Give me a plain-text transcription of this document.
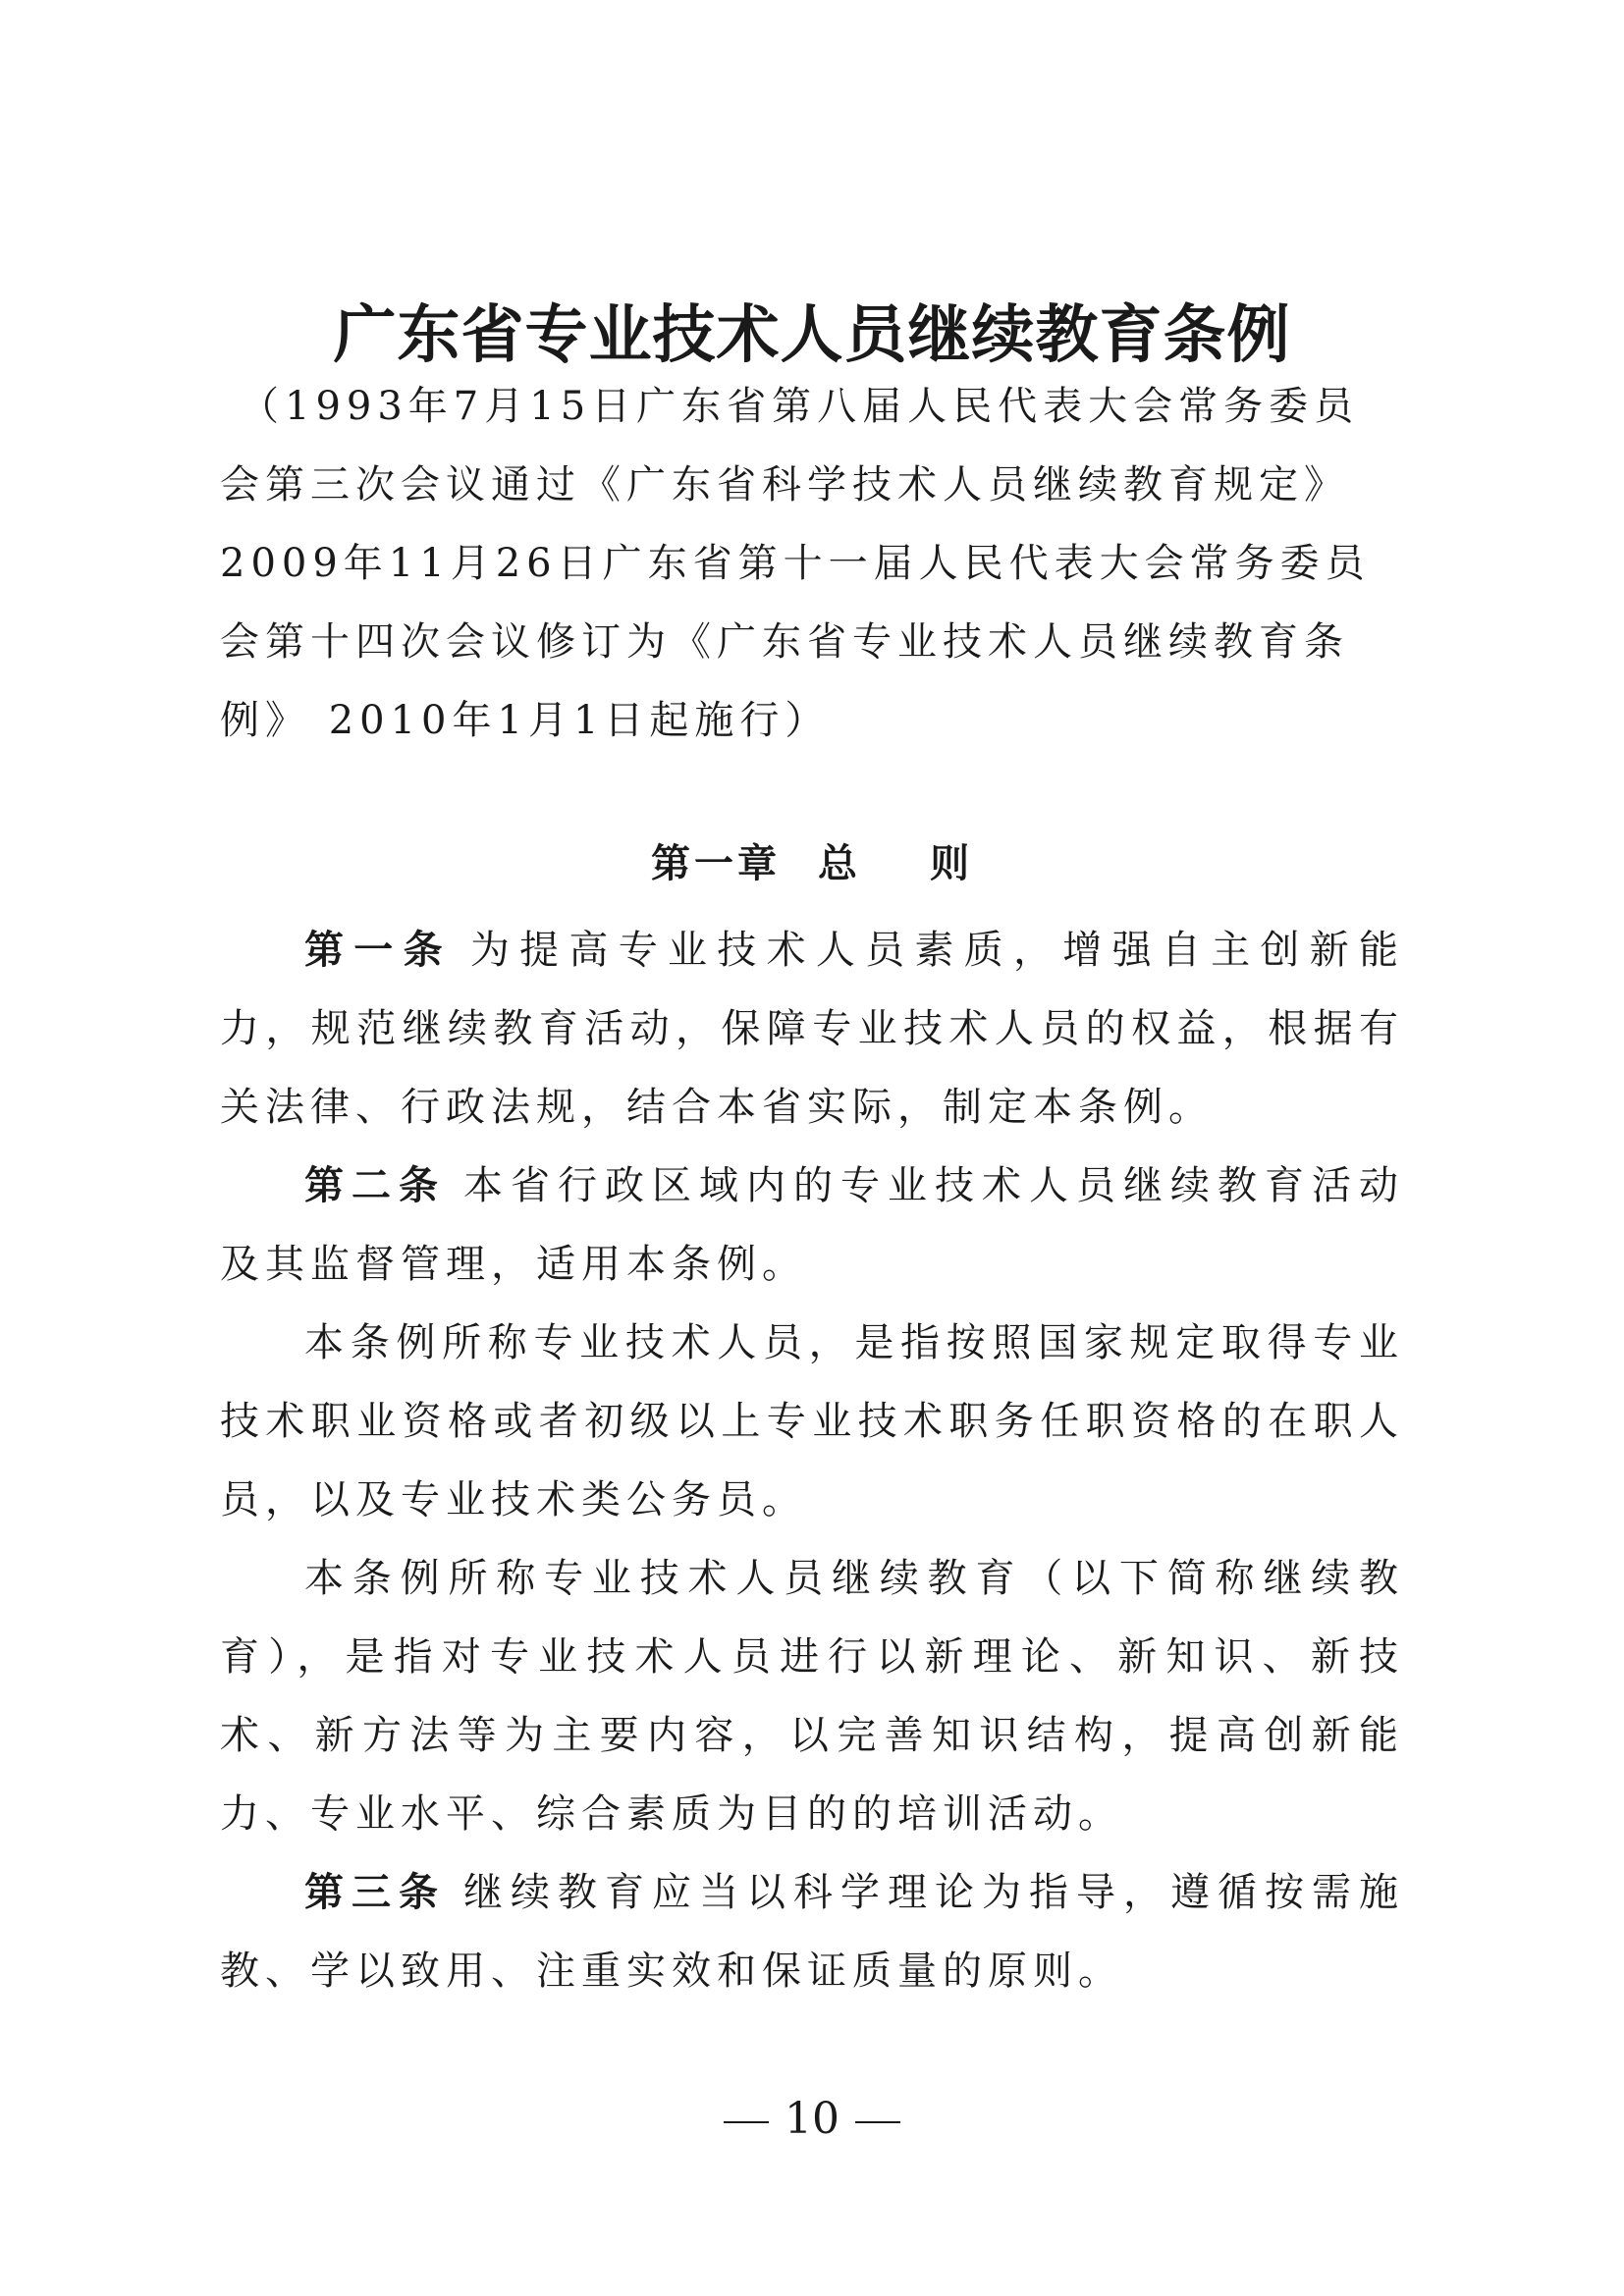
广东省专业技术人员继续教育条例
（1993年7月15日广东省第八届人民代表大会常务委员会第三次会议通过《广东省科学技术人员继续教育规定》2009年11月26日广东省第十一届人民代表大会常务委员会第十四次会议修订为《广东省专业技术人员继续教育条例》 2010年1月1日起施行）
第一章 总 则

第一条 为提高专业技术人员素质，增强自主创新能力，规范继续教育活动，保障专业技术人员的权益，根据有关法律、行政法规，结合本省实际，制定本条例。

第二条 本省行政区域内的专业技术人员继续教育活动及其监督管理，适用本条例。

本条例所称专业技术人员，是指按照国家规定取得专业技术职业资格或者初级以上专业技术职务任职资格的在职人员，以及专业技术类公务员。

本条例所称专业技术人员继续教育（以下简称继续教育），是指对专业技术人员进行以新理论、新知识、新技术、新方法等为主要内容，以完善知识结构，提高创新能力、专业水平、综合素质为目的的培训活动。

第三条 继续教育应当以科学理论为指导，遵循按需施教、学以致用、注重实效和保证质量的原则。

10
